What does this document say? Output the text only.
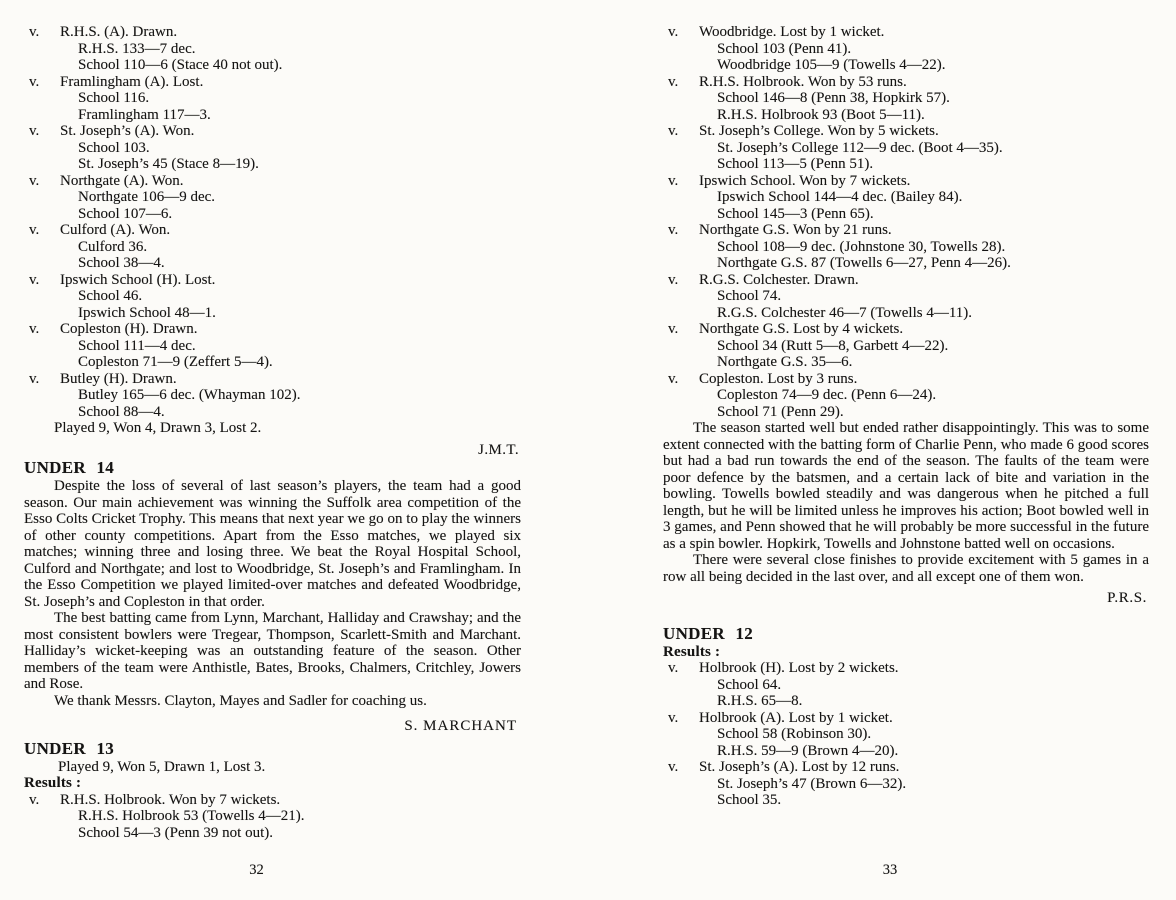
v. R.H.S. (A). Drawn.
R.H.S. 133—7 dec.
School 110—6 (Stace 40 not out).
v. Framlingham (A). Lost.
School 116.
Framlingham 117—3.
v. St. Joseph’s (A). Won.
School 103.
St. Joseph’s 45 (Stace 8—19).
v. Northgate (A). Won.
Northgate 106—9 dec.
School 107—6.
v. Culford (A). Won.
Culford 36.
School 38—4.
v. Ipswich School (H). Lost.
School 46.
Ipswich School 48—1.
v. Copleston (H). Drawn.
School 111—4 dec.
Copleston 71—9 (Zeffert 5—4).
v. Butley (H). Drawn.
Butley 165—6 dec. (Whayman 102).
School 88—4.
Played 9, Won 4, Drawn 3, Lost 2.
J.M.T.
UNDER 14

Despite the loss of several of last season’s players, the team had a good season. Our main achievement was winning the Suffolk area competition of the Esso Colts Cricket Trophy. This means that next year we go on to play the winners of other county competitions. Apart from the Esso matches, we played six matches; winning three and losing three. We beat the Royal Hospital School, Culford and Northgate; and lost to Woodbridge, St. Joseph’s and Framlingham. In the Esso Competition we played limited-over matches and defeated Woodbridge, St. Joseph’s and Copleston in that order.

The best batting came from Lynn, Marchant, Halliday and Crawshay; and the most consistent bowlers were Tregear, Thompson, Scarlett-Smith and Marchant. Halliday’s wicket-keeping was an outstanding feature of the season. Other members of the team were Anthistle, Bates, Brooks, Chalmers, Critchley, Jowers and Rose.

We thank Messrs. Clayton, Mayes and Sadler for coaching us.

S. MARCHANT
UNDER 13
Played 9, Won 5, Drawn 1, Lost 3.
Results :
v. R.H.S. Holbrook. Won by 7 wickets.
R.H.S. Holbrook 53 (Towells 4—21).
School 54—3 (Penn 39 not out).
32
v. Woodbridge. Lost by 1 wicket.
School 103 (Penn 41).
Woodbridge 105—9 (Towells 4—22).
v. R.H.S. Holbrook. Won by 53 runs.
School 146—8 (Penn 38, Hopkirk 57).
R.H.S. Holbrook 93 (Boot 5—11).
v. St. Joseph’s College. Won by 5 wickets.
St. Joseph’s College 112—9 dec. (Boot 4—35).
School 113—5 (Penn 51).
v. Ipswich School. Won by 7 wickets.
Ipswich School 144—4 dec. (Bailey 84).
School 145—3 (Penn 65).
v. Northgate G.S. Won by 21 runs.
School 108—9 dec. (Johnstone 30, Towells 28).
Northgate G.S. 87 (Towells 6—27, Penn 4—26).
v. R.G.S. Colchester. Drawn.
School 74.
R.G.S. Colchester 46—7 (Towells 4—11).
v. Northgate G.S. Lost by 4 wickets.
School 34 (Rutt 5—8, Garbett 4—22).
Northgate G.S. 35—6.
v. Copleston. Lost by 3 runs.
Copleston 74—9 dec. (Penn 6—24).
School 71 (Penn 29).

The season started well but ended rather disappointingly. This was to some extent connected with the batting form of Charlie Penn, who made 6 good scores but had a bad run towards the end of the season. The faults of the team were poor defence by the batsmen, and a certain lack of bite and variation in the bowling. Towells bowled steadily and was dangerous when he pitched a full length, but he will be limited unless he improves his action; Boot bowled well in 3 games, and Penn showed that he will probably be more successful in the future as a spin bowler. Hopkirk, Towells and Johnstone batted well on occasions.

There were several close finishes to provide excitement with 5 games in a row all being decided in the last over, and all except one of them won.

P.R.S.
UNDER 12
Results :
v. Holbrook (H). Lost by 2 wickets.
School 64.
R.H.S. 65—8.
v. Holbrook (A). Lost by 1 wicket.
School 58 (Robinson 30).
R.H.S. 59—9 (Brown 4—20).
v. St. Joseph’s (A). Lost by 12 runs.
St. Joseph’s 47 (Brown 6—32).
School 35.
33
